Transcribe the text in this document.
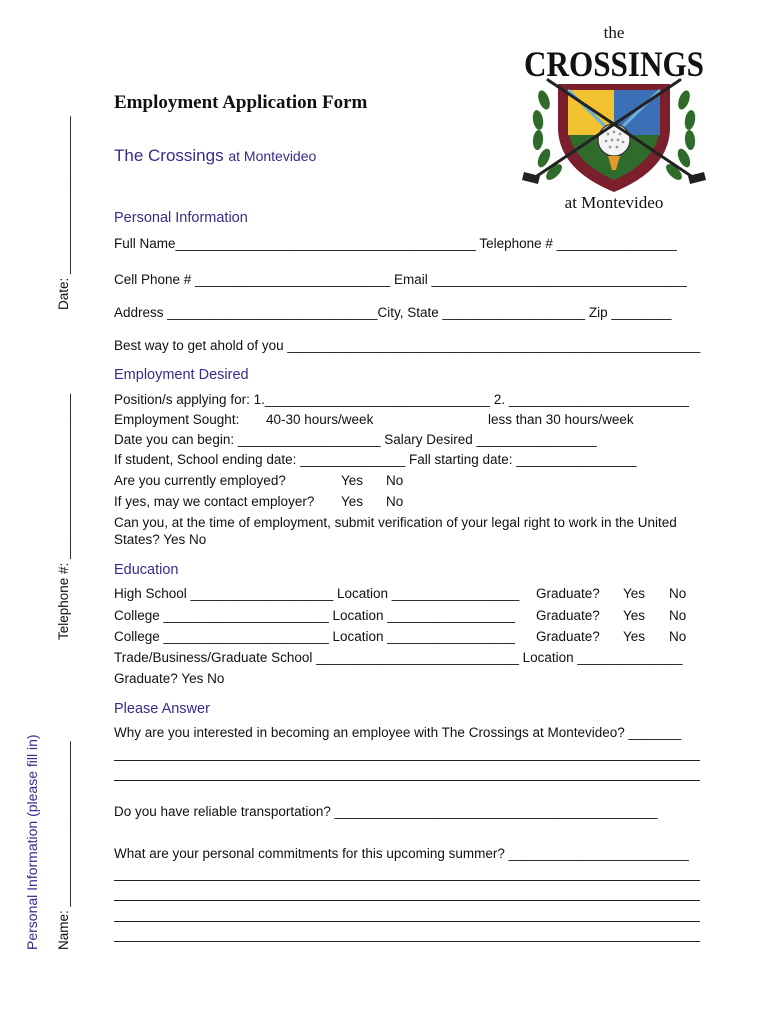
the
CROSSINGS
at Montevideo
Personal Information (please fill in) Name: ______________________
Telephone #: ______________________
Date: _____________________
Employment Application Form
The Crossings at Montevideo
Personal Information
Full Name________________________________________ Telephone # ________________
Cell Phone # __________________________ Email __________________________________
Address ____________________________City, State ___________________ Zip ________
Best way to get ahold of you _______________________________________________________
Employment Desired
Position/s applying for: 1.______________________________ 2. ________________________
Employment Sought: 40-30 hours/week	less than 30 hours/week
Date you can begin: ___________________ Salary Desired ________________
If student, School ending date: ______________ Fall starting date: ________________
Are you currently employed?	Yes No
If yes, may we contact employer? Yes No
Can you, at the time of employment, submit verification of your legal right to work in the United
States? Yes No
Education
High School ___________________ Location _________________ Graduate? Yes No
College ______________________ Location _________________ Graduate? Yes No
College ______________________ Location _________________ Graduate? Yes No
Trade/Business/Graduate School ___________________________ Location ______________
Graduate? Yes No
Please Answer
Why are you interested in becoming an employee with The Crossings at Montevideo? _______
Do you have reliable transportation? ___________________________________________
What are your personal commitments for this upcoming summer? ________________________
